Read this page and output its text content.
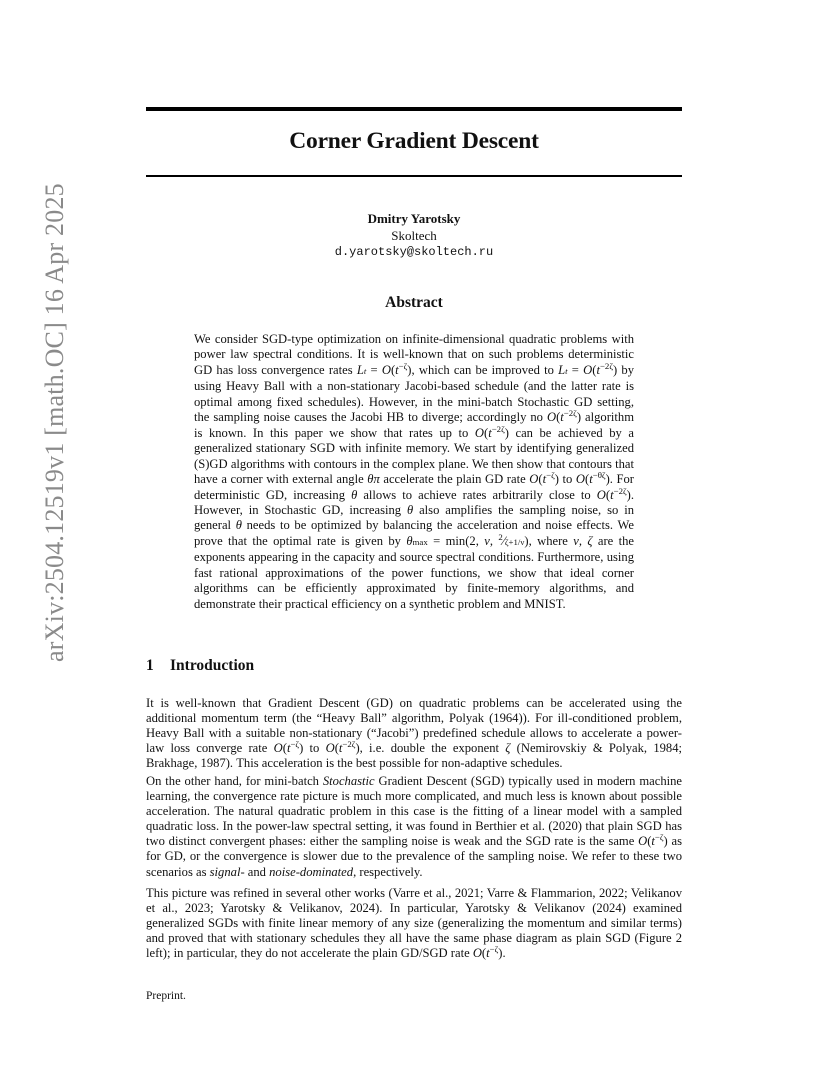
arXiv:2504.12519v1 [math.OC] 16 Apr 2025
Corner Gradient Descent
Dmitry Yarotsky
Skoltech
d.yarotsky@skoltech.ru
Abstract
We consider SGD-type optimization on infinite-dimensional quadratic problems with power law spectral conditions. It is well-known that on such problems deterministic GD has loss convergence rates $Lt = O(t^{-\zeta})$, which can be improved to $Lt = O(t^{-2\zeta})$ by using Heavy Ball with a non-stationary Jacobi-based schedule (and the latter rate is optimal among fixed schedules). However, in the mini-batch Stochastic GD setting, the sampling noise causes the Jacobi HB to diverge; accordingly no $O(t^{-2\zeta})$ algorithm is known. In this paper we show that rates up to $O(t^{-2\zeta})$ can be achieved by a generalized stationary SGD with infinite memory. We start by identifying generalized (S)GD algorithms with contours in the complex plane. We then show that contours that have a corner with external angle θπ accelerate the plain GD rate $O(t^{-\zeta})$ to $O(t^{-\theta\zeta})$. For deterministic GD, increasing θ allows to achieve rates arbitrarily close to $O(t^{-2\zeta})$. However, in Stochastic GD, increasing θ also amplifies the sampling noise, so in general θ needs to be optimized by balancing the acceleration and noise effects. We prove that the optimal rate is given by θmax = min(2, ν, $^2$⁄ζ+1/ν), where ν, ζ are the exponents appearing in the capacity and source spectral conditions. Furthermore, using fast rational approximations of the power functions, we show that ideal corner algorithms can be efficiently approximated by finite-memory algorithms, and demonstrate their practical efficiency on a synthetic problem and MNIST.
1 Introduction
It is well-known that Gradient Descent (GD) on quadratic problems can be accelerated using the additional momentum term (the “Heavy Ball” algorithm, Polyak (1964)). For ill-conditioned problem, Heavy Ball with a suitable non-stationary (“Jacobi”) predefined schedule allows to accelerate a power-law loss converge rate $O(t^{-\zeta})$ to $O(t^{-2\zeta})$, i.e. double the exponent ζ (Nemirovskiy & Polyak, 1984; Brakhage, 1987). This acceleration is the best possible for non-adaptive schedules.
On the other hand, for mini-batch Stochastic Gradient Descent (SGD) typically used in modern machine learning, the convergence rate picture is much more complicated, and much less is known about possible acceleration. The natural quadratic problem in this case is the fitting of a linear model with a sampled quadratic loss. In the power-law spectral setting, it was found in Berthier et al. (2020) that plain SGD has two distinct convergent phases: either the sampling noise is weak and the SGD rate is the same $O(t^{-\zeta})$ as for GD, or the convergence is slower due to the prevalence of the sampling noise. We refer to these two scenarios as signal- and noise-dominated, respectively.
This picture was refined in several other works (Varre et al., 2021; Varre & Flammarion, 2022; Velikanov et al., 2023; Yarotsky & Velikanov, 2024). In particular, Yarotsky & Velikanov (2024) examined generalized SGDs with finite linear memory of any size (generalizing the momentum and similar terms) and proved that with stationary schedules they all have the same phase diagram as plain SGD (Figure 2 left); in particular, they do not accelerate the plain GD/SGD rate $O(t^{-\zeta})$.
Preprint.
